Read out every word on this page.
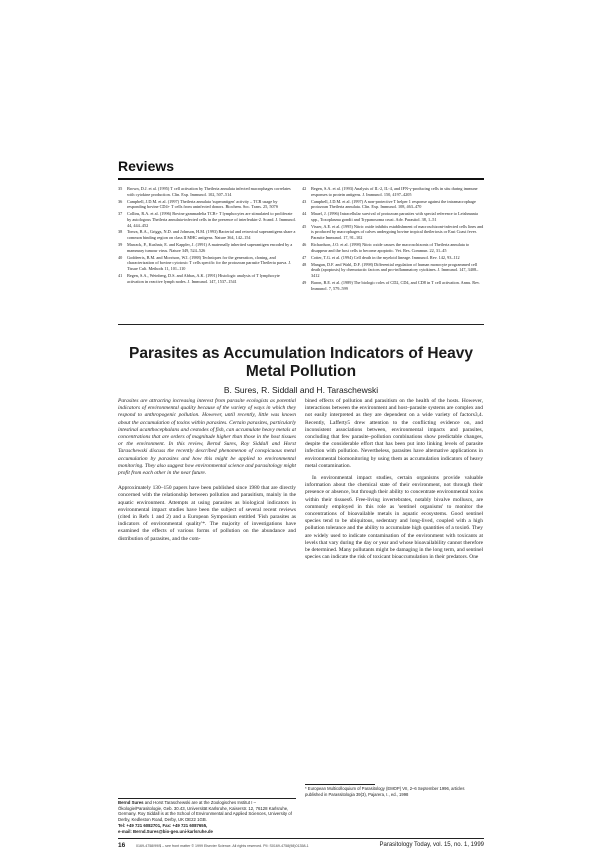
Reviews
35	Brown, D.J. et al. (1995) T cell activation by Theileria annulata infected macrophages correlates with cytokine production. Clin. Exp. Immunol. 102, 507–514
36	Campbell, J.D.M. et al. (1997) Theileria annulata 'superantigen' activity – TCR usage by responding bovine CD4+ T cells from uninfected donors. Biochem. Soc. Trans. 25, 507S
37	Collins, R.A. et al. (1996) Bovine gammadelta TCR+ T lymphocytes are stimulated to proliferate by autologous Theileria annulata-infected cells in the presence of interleukin-2. Scand. J. Immunol. 44, 444–452
38	Tonva, B.A., Griggs, N.D. and Johnson, H.M. (1993) Bacterial and retroviral superantigens share a common binding region on class II MHC antigens. Nature 364, 142–154
39	Marrack, P., Kushnir, E. and Kappler, J. (1991) A maternally inherited superantigen encoded by a mammary tumour virus. Nature 349, 524–526
40	Goddeeris, B.M. and Morrison, W.I. (1988) Techniques for the generation, cloning, and characterization of bovine cytotoxic T cells specific for the protozoan parasite Theileria parva. J. Tissue Cult. Methods 11, 101–110
41	Begen, S.A., Weinberg, D.S. and Abbas, A.K. (1991) Histologic analysis of T lymphocyte activation in reactive lymph nodes. J. Immunol. 147, 1537–1541
42	Begen, S.A. et al. (1993) Analysis of IL-2, IL-4, and IFN-γ-producing cells in situ during immune responses to protein antigens. J. Immunol. 150, 4197–4205
43	Campbell, J.D.M. et al. (1997) A non-protective T helper 1 response against the intramacrophage protozoan Theileria annulata. Clin. Exp. Immunol. 108, 463–470
44	Mauel, J. (1996) Intracellular survival of protozoan parasites with special reference to Leishmania spp., Toxoplasma gondii and Trypanosoma cruzi. Adv. Parasitol. 38, 1–51
45	Visser, A.E. et al. (1995) Nitric oxide inhibits establishment of macroschizont-infected cells lines and is produced by macrophages of calves undergoing bovine tropical theileriosis or East Coast fever. Parasite Immunol. 17, 91–102
46	Richardson, J.O. et al. (1998) Nitric oxide causes the macroschizonts of Theileria annulata to disappear and the host cells to become apoptotic. Vet. Res. Commun. 22, 31–45
47	Cotter, T.G. et al. (1994) Cell death in the myeloid lineage. Immunol. Rev. 142, 93–112
48	Mangan, D.F. and Wahl, D.F. (1998) Differential regulation of human monocyte programmed cell death (apoptosis) by chemotactic factors and pro-inflammatory cytokines. J. Immunol. 147, 3408–3412
49	Baron, B.E. et al. (1989) The biologic roles of CD2, CD4, and CD8 in T cell activation. Annu. Rev. Immunol. 7, 579–599
Parasites as Accumulation Indicators of Heavy Metal Pollution
B. Sures, R. Siddall and H. Taraschewski

Parasites are attracting increasing interest from parasite ecologists as potential indicators of environmental quality because of the variety of ways in which they respond to anthropogenic pollution. However, until recently, little was known about the accumulation of toxins within parasites. Certain parasites, particularly intestinal acanthocephalans and cestodes of fish, can accumulate heavy metals at concentrations that are orders of magnitude higher than those in the host tissues or the environment. In this review, Bernd Sures, Roy Siddall and Horst Taraschewski discuss the recently described phenomenon of conspicuous metal accumulation by parasites and how this might be applied to environmental monitoring. They also suggest how environmental science and parasitology might profit from each other in the near future.

Approximately 130–150 papers have been published since 1980 that are directly concerned with the relationship between pollution and parasitism, mainly in the aquatic environment. Attempts at using parasites as biological indicators in environmental impact studies have been the subject of several recent reviews (cited in Refs 1 and 2) and a European Symposium entitled 'Fish parasites as indicators of environmental quality'*. The majority of investigations have examined the effects of various forms of pollution on the abundance and distribution of parasites, and the com-

bined effects of pollution and parasitism on the health of the hosts. However, interactions between the environment and host–parasite systems are complex and not easily interpreted as they are dependent on a wide variety of factors3,4. Recently, Lafferty5 drew attention to the conflicting evidence on, and inconsistent associations between, environmental impacts and parasites, concluding that few parasite–pollution combinations show predictable changes, despite the considerable effort that has been put into linking levels of parasite infection with pollution. Nevertheless, parasites have alternative applications in environmental biomonitoring by using them as accumulation indicators of heavy metal contamination.

In environmental impact studies, certain organisms provide valuable information about the chemical state of their environment, not through their presence or absence, but through their ability to concentrate environmental toxins within their tissues6. Free-living invertebrates, notably bivalve molluscs, are commonly employed in this role as 'sentinel organisms' to monitor the concentrations of bioavailable metals in aquatic ecosystems. Good sentinel species tend to be ubiquitous, sedentary and long-lived, coupled with a high pollution tolerance and the ability to accumulate high quantities of a toxin6. They are widely used to indicate contamination of the environment with toxicants at levels that vary during the day or year and whose bioavailability cannot therefore be determined. Many pollutants might be damaging in the long term, and sentinel species can indicate the risk of toxicant bioaccumulation in their predators. One

Bernd Sures and Horst Taraschewski are at the Zoologisches Institut I – Ökologie/Parasitologie, Geb. 30.43, Universität Karlsruhe, Kaiserstr. 12, 76128 Karlsruhe, Germany. Roy Siddall is at the School of Environmental and Applied Sciences, University of Derby, Kedleston Road, Derby, UK DE22 1GB.
Tel: +49 721 6082701, Fax: +49 721 6087655,
e-mail: Bernd.Sures@bio-geo.uni-karlsruhe.de
* European Multicolloquium of Parasitology (EMOP) VII, 2–6 September 1996, articles published in Parassitologia 39(3), Pajarera, I., ed., 1998
16	0169-4758/99/$ – see front matter © 1999 Elsevier Science. All rights reserved. PII: S0169-4758(98)01358-1	Parasitology Today, vol. 15, no. 1, 1999
